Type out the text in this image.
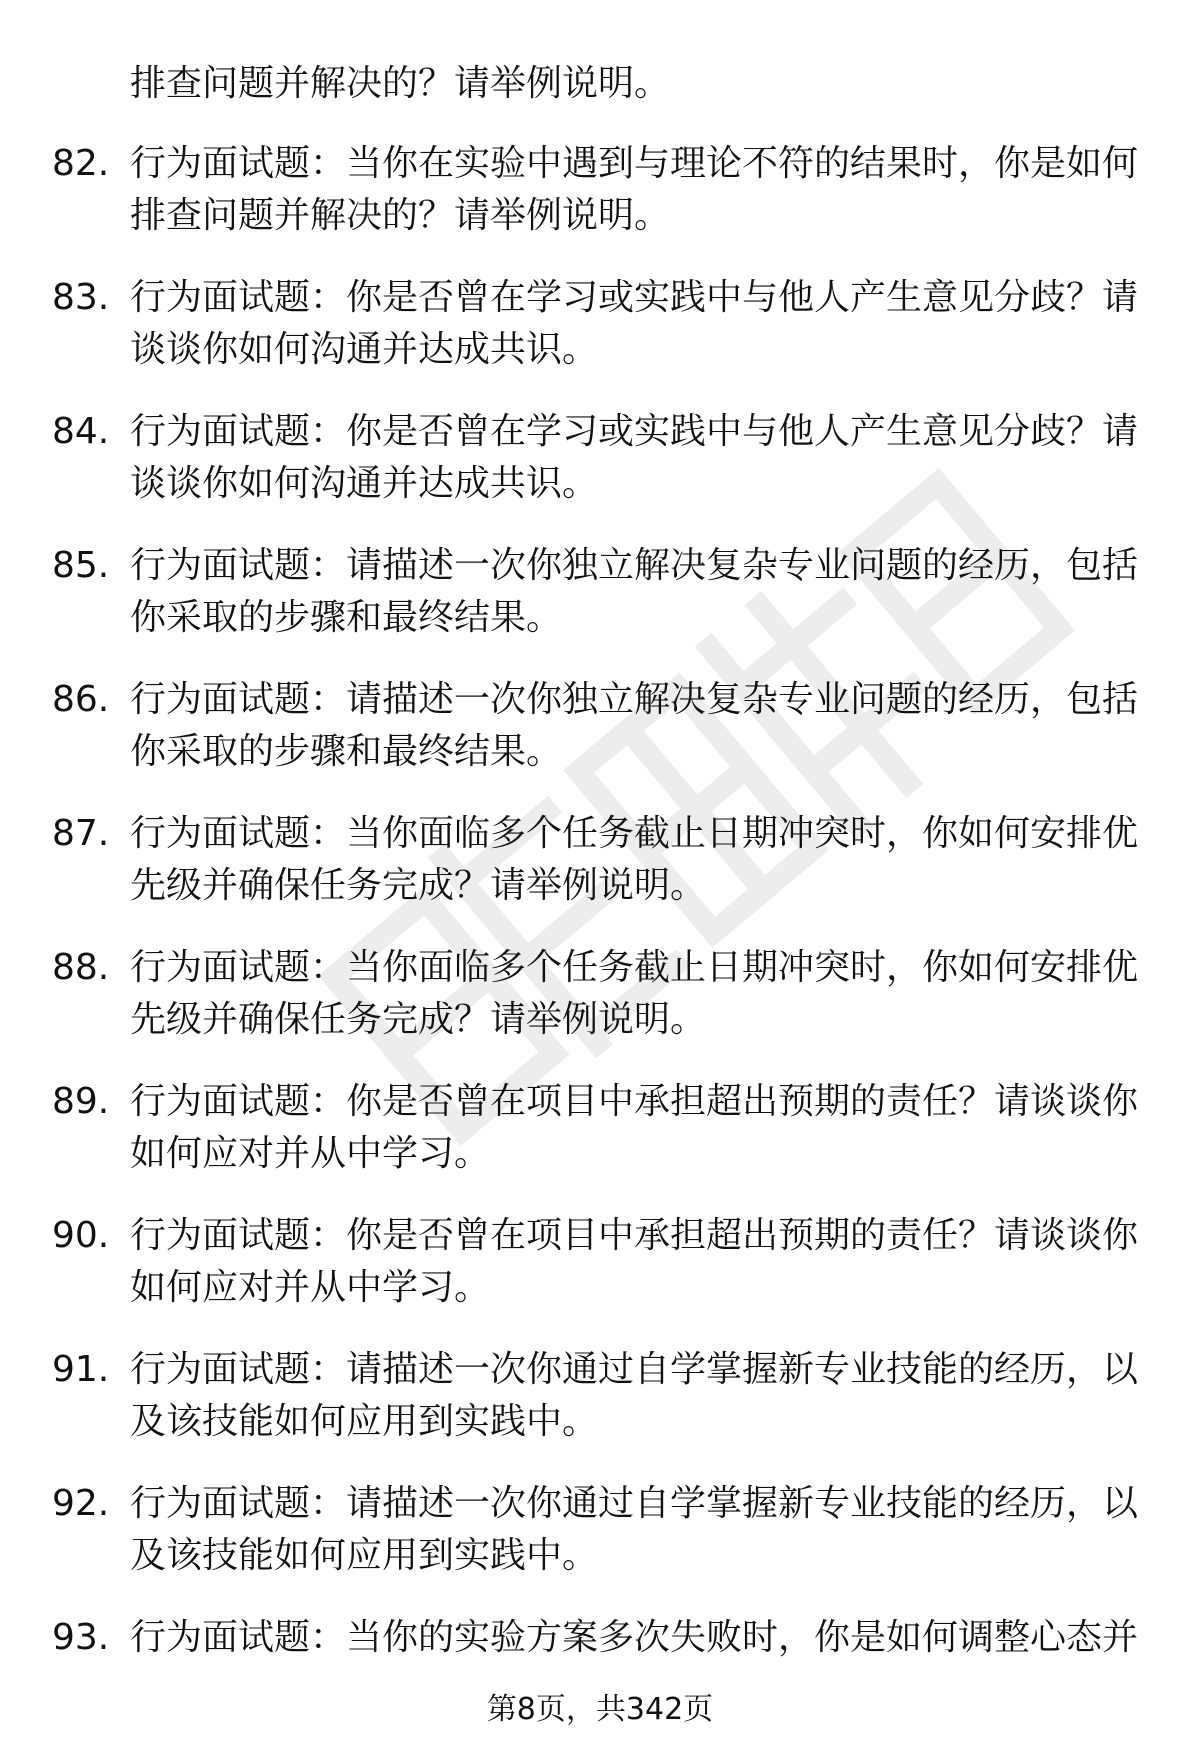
排查问题并解决的？请举例说明。
82. 行为面试题：当你在实验中遇到与理论不符的结果时，你是如何
排查问题并解决的？请举例说明。
83. 行为面试题：你是否曾在学习或实践中与他人产生意见分歧？请
谈谈你如何沟通并达成共识。
84. 行为面试题：你是否曾在学习或实践中与他人产生意见分歧？请
谈谈你如何沟通并达成共识。
85. 行为面试题：请描述一次你独立解决复杂专业问题的经历，包括
你采取的步骤和最终结果。
86. 行为面试题：请描述一次你独立解决复杂专业问题的经历，包括
你采取的步骤和最终结果。
87. 行为面试题：当你面临多个任务截止日期冲突时，你如何安排优
先级并确保任务完成？请举例说明。
88. 行为面试题：当你面临多个任务截止日期冲突时，你如何安排优
先级并确保任务完成？请举例说明。
89. 行为面试题：你是否曾在项目中承担超出预期的责任？请谈谈你
如何应对并从中学习。
90. 行为面试题：你是否曾在项目中承担超出预期的责任？请谈谈你
如何应对并从中学习。
91. 行为面试题：请描述一次你通过自学掌握新专业技能的经历，以
及该技能如何应用到实践中。
92. 行为面试题：请描述一次你通过自学掌握新专业技能的经历，以
及该技能如何应用到实践中。
93. 行为面试题：当你的实验方案多次失败时，你是如何调整心态并
第8页，共342页
